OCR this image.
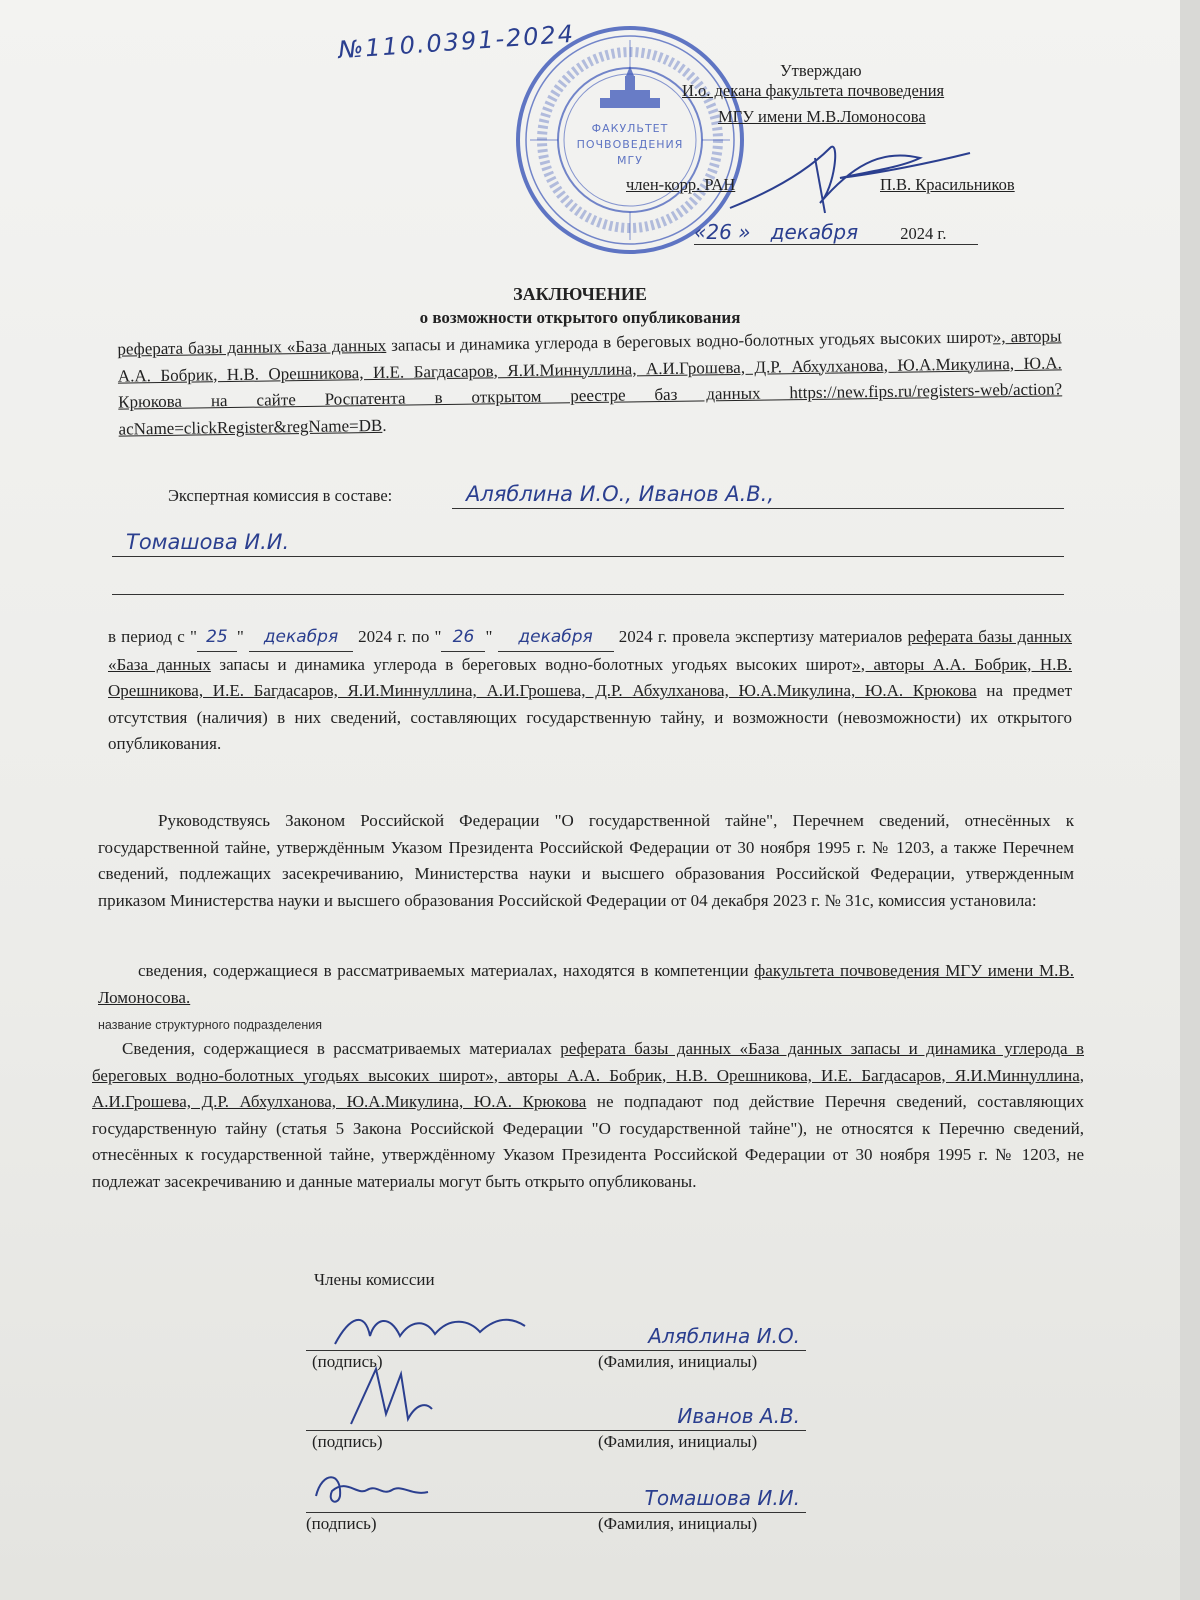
№110.0391-2024
ФАКУЛЬТЕТ
ПОЧВОВЕДЕНИЯ
МГУ
Утверждаю
И.о. декана факультета почвоведения
МГУ имени М.В.Ломоносова
член-корр. РАН	П.В. Красильников
«26 » декабря	2024 г.
ЗАКЛЮЧЕНИЕ
о возможности открытого опубликования
реферата базы данных «База данных запасы и динамика углерода в береговых водно-болотных угодьях высоких широт», авторы А.А. Бобрик, Н.В. Орешникова, И.Е. Багдасаров, Я.И.Миннуллина, А.И.Грошева, Д.Р. Абхулханова, Ю.А.Микулина, Ю.А. Крюкова на сайте Роспатента в открытом реестре баз данных https://new.fips.ru/registers-web/action?acName=clickRegister&regName=DB.
Экспертная комиссия в составе:	Аляблина И.О., Иванов А.В.,
Томашова И.И.
в период с " 25 " декабря 2024 г. по " 26 " декабря 2024 г. провела экспертизу материалов реферата базы данных «База данных запасы и динамика углерода в береговых водно-болотных угодьях высоких широт», авторы А.А. Бобрик, Н.В. Орешникова, И.Е. Багдасаров, Я.И.Миннуллина, А.И.Грошева, Д.Р. Абхулханова, Ю.А.Микулина, Ю.А. Крюкова на предмет отсутствия (наличия) в них сведений, составляющих государственную тайну, и возможности (невозможности) их открытого опубликования.
Руководствуясь Законом Российской Федерации "О государственной тайне", Перечнем сведений, отнесённых к государственной тайне, утверждённым Указом Президента Российской Федерации от 30 ноября 1995 г. № 1203, а также Перечнем сведений, подлежащих засекречиванию, Министерства науки и высшего образования Российской Федерации, утвержденным приказом Министерства науки и высшего образования Российской Федерации от 04 декабря 2023 г. № 31с, комиссия установила:
сведения, содержащиеся в рассматриваемых материалах, находятся в компетенции факультета почвоведения МГУ имени М.В. Ломоносова.
название структурного подразделения
Сведения, содержащиеся в рассматриваемых материалах реферата базы данных «База данных запасы и динамика углерода в береговых водно-болотных угодьях высоких широт», авторы А.А. Бобрик, Н.В. Орешникова, И.Е. Багдасаров, Я.И.Миннуллина, А.И.Грошева, Д.Р. Абхулханова, Ю.А.Микулина, Ю.А. Крюкова не подпадают под действие Перечня сведений, составляющих государственную тайну (статья 5 Закона Российской Федерации "О государственной тайне"), не относятся к Перечню сведений, отнесённых к государственной тайне, утверждённому Указом Президента Российской Федерации от 30 ноября 1995 г. № 1203, не подлежат засекречиванию и данные материалы могут быть открыто опубликованы.
Члены комиссии
Аляблина И.О.
(подпись)	(Фамилия, инициалы)
Иванов А.В.
(подпись)	(Фамилия, инициалы)
Томашова И.И.
(подпись)	(Фамилия, инициалы)
